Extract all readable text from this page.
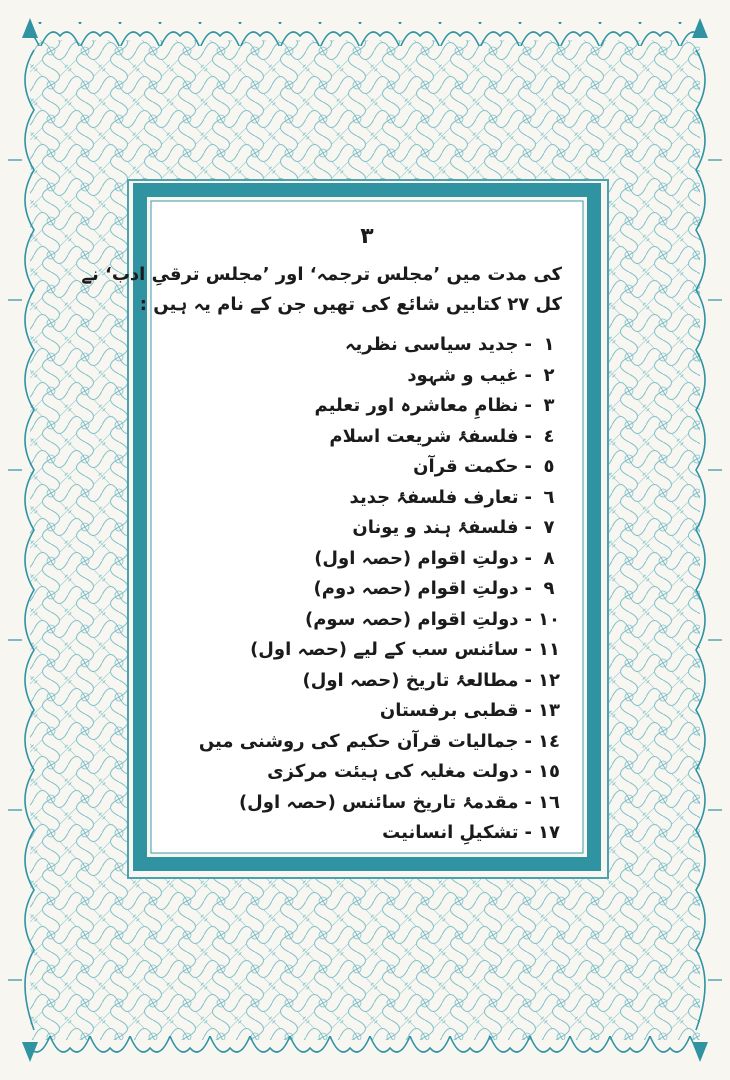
٣
کی مدت میں ’مجلس ترجمہ‘ اور ’مجلس ترقیِ ادب‘ نے
کل ٢٧ کتابیں شائع کی تھیں جن کے نام یہ ہیں :
١-جدید سیاسی نظریہ
٢-غیب و شہود
٣-نظامِ معاشرہ اور تعلیم
٤-فلسفۂ شریعت اسلام
٥-حکمت قرآن
٦-تعارف فلسفۂ جدید
٧-فلسفۂ ہند و یونان
٨-دولتِ اقوام (حصہ اول)
٩-دولتِ اقوام (حصہ دوم)
١٠-دولتِ اقوام (حصہ سوم)
١١-سائنس سب کے لیے (حصہ اول)
١٢-مطالعۂ تاریخ (حصہ اول)
١٣-قطبی برفستان
١٤-جمالیات قرآن حکیم کی روشنی میں
١٥-دولت مغلیہ کی ہیئت مرکزی
١٦-مقدمۂ تاریخ سائنس (حصہ اول)
١٧-تشکیلِ انسانیت
